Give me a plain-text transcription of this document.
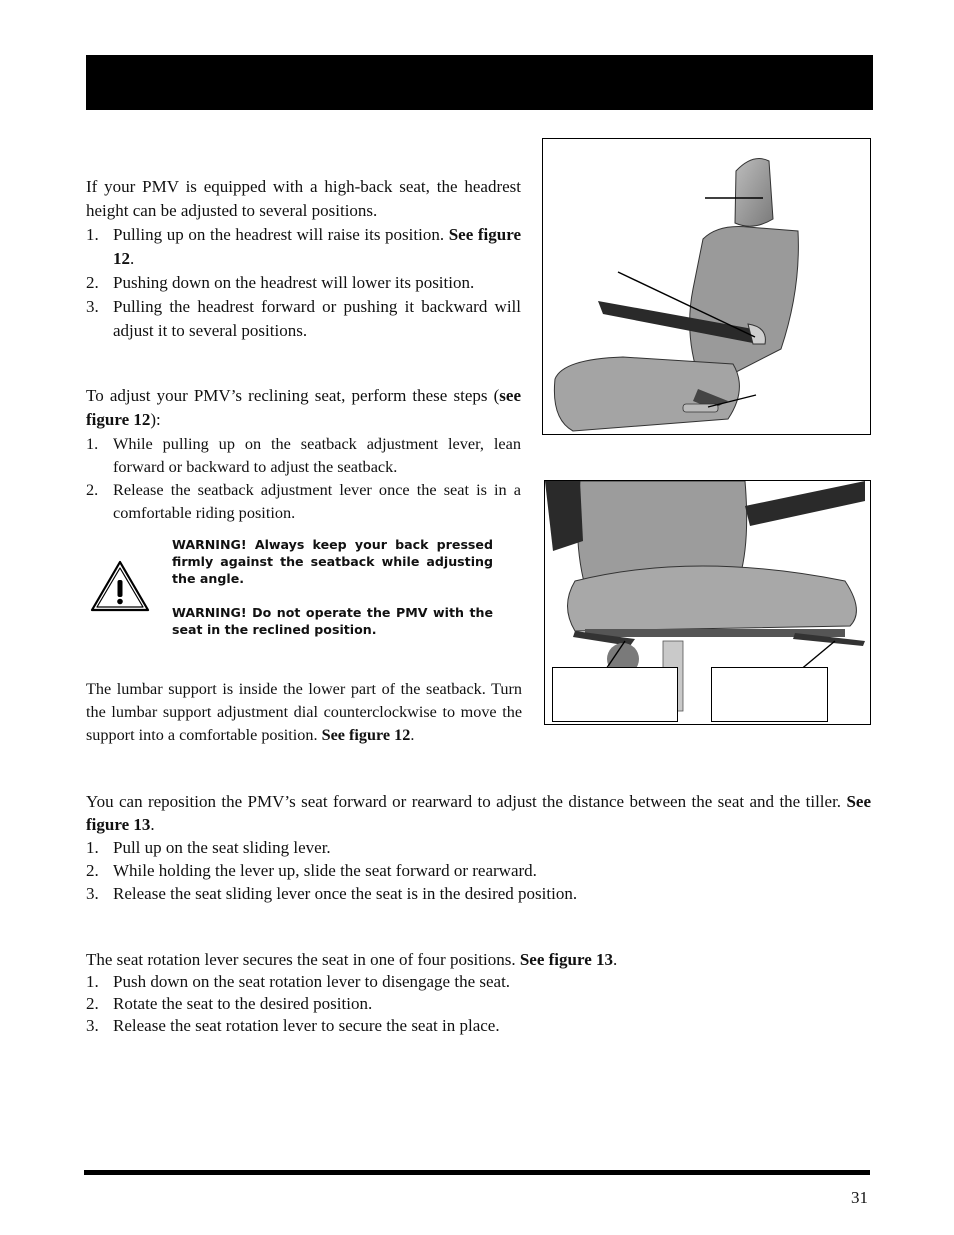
If your PMV is equipped with a high-back seat, the headrest height can be adjusted to several positions.
1. Pulling up on the headrest will raise its position. See figure 12.
2. Pushing down on the headrest will lower its position.
3. Pulling the headrest forward or pushing it backward will adjust it to several positions.
To adjust your PMV’s reclining seat, perform these steps (see figure 12):
1. While pulling up on the seatback adjustment lever, lean forward or backward to adjust the seatback.
2. Release the seatback adjustment lever once the seat is in a comfortable riding position.

WARNING! Always keep your back pressed firmly against the seatback while adjusting the angle.

WARNING! Do not operate the PMV with the seat in the reclined position.

The lumbar support is inside the lower part of the seatback. Turn the lumbar support adjustment dial counterclockwise to move the support into a comfortable position. See figure 12.
You can reposition the PMV’s seat forward or rearward to adjust the distance between the seat and the tiller. See figure 13.
1. Pull up on the seat sliding lever.
2. While holding the lever up, slide the seat forward or rearward.
3. Release the seat sliding lever once the seat is in the desired position.
The seat rotation lever secures the seat in one of four positions. See figure 13.
1. Push down on the seat rotation lever to disengage the seat.
2. Rotate the seat to the desired position.
3. Release the seat rotation lever to secure the seat in place.
31
